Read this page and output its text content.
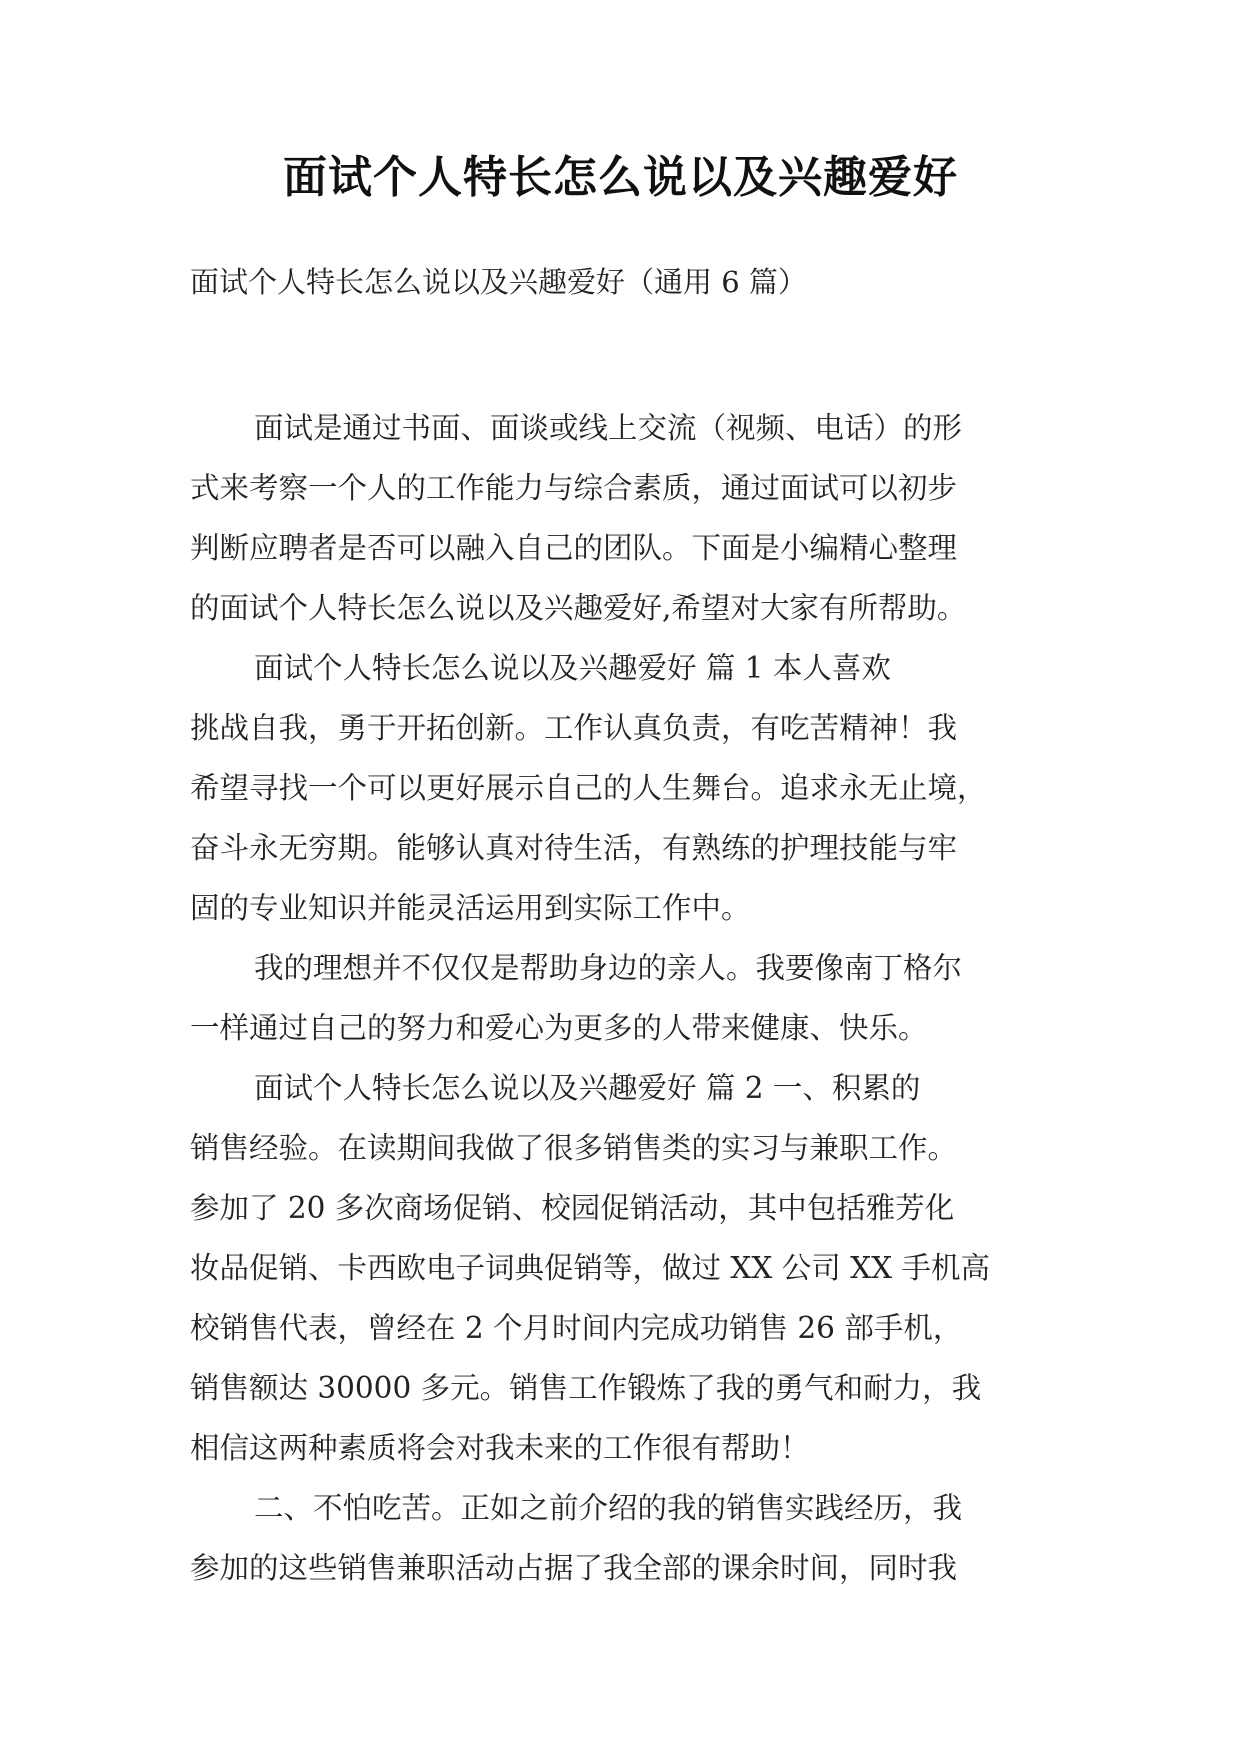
面试个人特长怎么说以及兴趣爱好
面试个人特长怎么说以及兴趣爱好（通用 6 篇）
面试是通过书面、面谈或线上交流（视频、电话）的形
式来考察一个人的工作能力与综合素质，通过面试可以初步
判断应聘者是否可以融入自己的团队。下面是小编精心整理
的面试个人特长怎么说以及兴趣爱好,希望对大家有所帮助。
面试个人特长怎么说以及兴趣爱好 篇 1 本人喜欢
挑战自我，勇于开拓创新。工作认真负责，有吃苦精神！我
希望寻找一个可以更好展示自己的人生舞台。追求永无止境，
奋斗永无穷期。能够认真对待生活，有熟练的护理技能与牢
固的专业知识并能灵活运用到实际工作中。
我的理想并不仅仅是帮助身边的亲人。我要像南丁格尔
一样通过自己的努力和爱心为更多的人带来健康、快乐。
面试个人特长怎么说以及兴趣爱好 篇 2 一、积累的
销售经验。在读期间我做了很多销售类的实习与兼职工作。
参加了 20 多次商场促销、校园促销活动，其中包括雅芳化
妆品促销、卡西欧电子词典促销等，做过 XX 公司 XX 手机高
校销售代表，曾经在 2 个月时间内完成功销售 26 部手机，
销售额达 30000 多元。销售工作锻炼了我的勇气和耐力，我
相信这两种素质将会对我未来的工作很有帮助！
二、不怕吃苦。正如之前介绍的我的销售实践经历，我
参加的这些销售兼职活动占据了我全部的课余时间，同时我
